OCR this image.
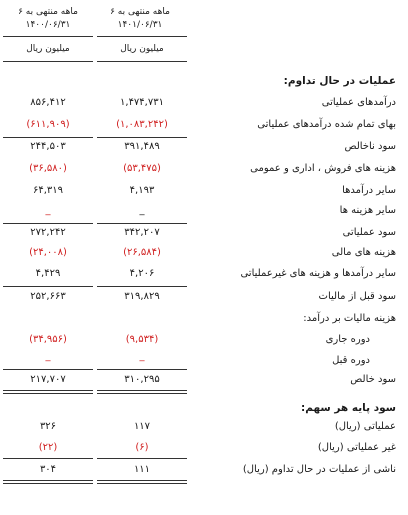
۶ ماهه منتهی به
۱۴۰۱/۰۶/۳۱
۶ ماهه منتهی به
۱۴۰۰/۰۶/۳۱
میلیون ریال
میلیون ریال
عملیات در حال تداوم:
درآمدهای عملیاتی
۱,۴۷۴,۷۳۱
۸۵۶,۴۱۲
بهای تمام شده درآمدهای عملیاتی
(۱,۰۸۳,۲۴۲)
(۶۱۱,۹۰۹)
سود ناخالص
۳۹۱,۴۸۹
۲۴۴,۵۰۳
هزینه های فروش ، اداری و عمومی
(۵۳,۴۷۵)
(۳۶,۵۸۰)
سایر درآمدها
۴,۱۹۳
۶۴,۳۱۹
سایر هزینه ها
_
_
سود عملیاتی
۳۴۲,۲۰۷
۲۷۲,۲۴۲
هزینه های مالی
(۲۶,۵۸۴)
(۲۴,۰۰۸)
سایر درآمدها و هزینه های غیرعملیاتی
۴,۲۰۶
۴,۴۲۹
سود قبل از مالیات
۳۱۹,۸۲۹
۲۵۲,۶۶۳
هزینه مالیات بر درآمد:
دوره جاری
(۹,۵۳۴)
(۳۴,۹۵۶)
دوره قبل
_
_
سود خالص
۳۱۰,۲۹۵
۲۱۷,۷۰۷
سود پایه هر سهم:
عملیاتی (ریال)
۱۱۷
۳۲۶
غیر عملیاتی (ریال)
(۶)
(۲۲)
ناشی از عملیات در حال تداوم (ریال)
۱۱۱
۳۰۴
